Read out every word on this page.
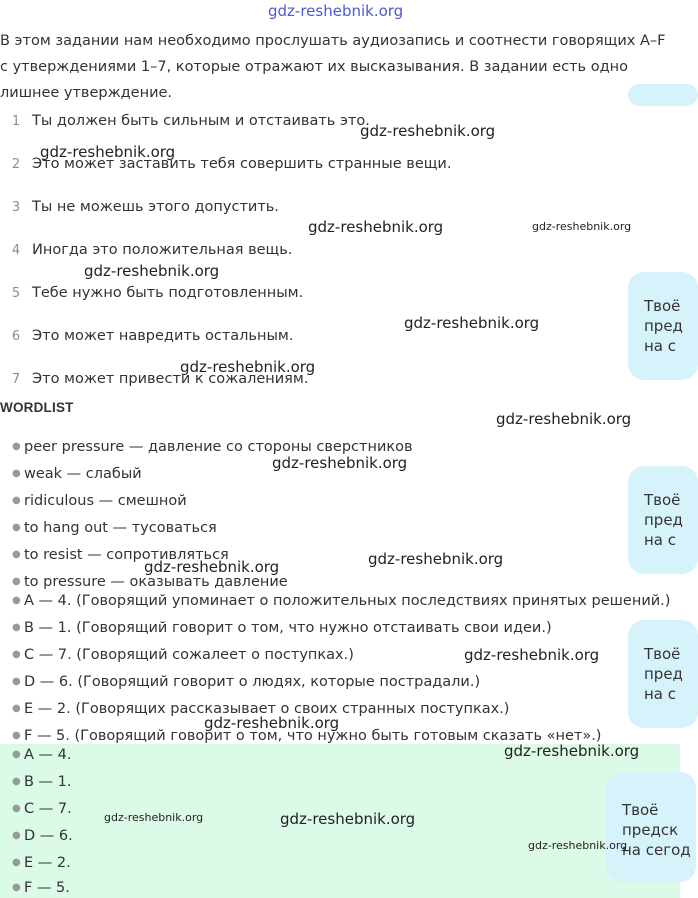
gdz-reshebnik.org
В этом задании нам необходимо прослушать аудиозапись и соотнести говорящих A–F с утверждениями 1–7, которые отражают их высказывания. В задании есть одно лишнее утверждение.
Твоё
пред
на с
Твоё
пред
на с
Твоё
пред
на с
1 Ты должен быть сильным и отстаивать это.
2 Это может заставить тебя совершить странные вещи.
3 Ты не можешь этого допустить.
4 Иногда это положительная вещь.
5 Тебе нужно быть подготовленным.
6 Это может навредить остальным.
7 Это может привести к сожалениям.
WORDLIST
● peer pressure — давление со стороны сверстников
● weak — слабый
● ridiculous — смешной
● to hang out — тусоваться
● to resist — сопротивляться
● to pressure — оказывать давление
● A — 4. (Говорящий упоминает о положительных последствиях принятых решений.)
● B — 1. (Говорящий говорит о том, что нужно отстаивать свои идеи.)
● C — 7. (Говорящий сожалеет о поступках.)
● D — 6. (Говорящий говорит о людях, которые пострадали.)
● E — 2. (Говорящих рассказывает о своих странных поступках.)
● F — 5. (Говорящий говорит о том, что нужно быть готовым сказать «нет».)
● A — 4.
● B — 1.
● C — 7.
● D — 6.
● E — 2.
● F — 5.
Твоё
предск
на сегод
gdz-reshebnik.org
gdz-reshebnik.org
gdz-reshebnik.org	gdz-reshebnik.org
gdz-reshebnik.org
gdz-reshebnik.org
gdz-reshebnik.org
gdz-reshebnik.org
gdz-reshebnik.org
gdz-reshebnik.org
gdz-reshebnik.org
gdz-reshebnik.org
gdz-reshebnik.org
gdz-reshebnik.org
gdz-reshebnik.org	gdz-reshebnik.org
gdz-reshebnik.org
